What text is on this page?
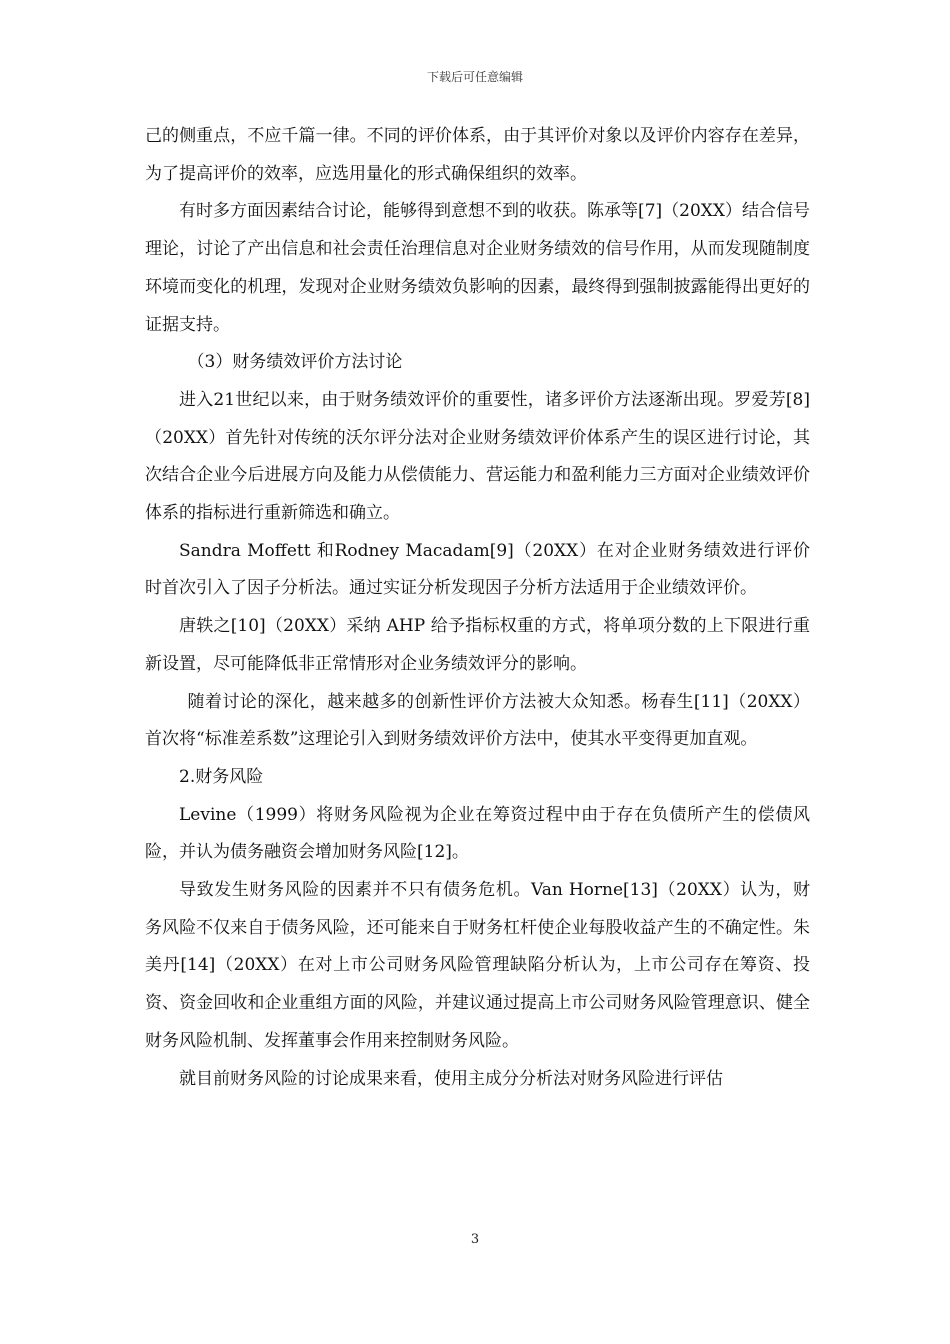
下载后可任意编辑

己的侧重点，不应千篇一律。不同的评价体系，由于其评价对象以及评价内容存在差异，为了提高评价的效率，应选用量化的形式确保组织的效率。

有时多方面因素结合讨论，能够得到意想不到的收获。陈承等[7]（20XX）结合信号理论，讨论了产出信息和社会责任治理信息对企业财务绩效的信号作用，从而发现随制度环境而变化的机理，发现对企业财务绩效负影响的因素，最终得到强制披露能得出更好的证据支持。

（3）财务绩效评价方法讨论

进入21世纪以来，由于财务绩效评价的重要性，诸多评价方法逐渐出现。罗爱芳[8]（20XX）首先针对传统的沃尔评分法对企业财务绩效评价体系产生的误区进行讨论，其次结合企业今后进展方向及能力从偿债能力、营运能力和盈利能力三方面对企业绩效评价体系的指标进行重新筛选和确立。

Sandra Moffett 和Rodney Macadam[9]（20XX）在对企业财务绩效进行评价时首次引入了因子分析法。通过实证分析发现因子分析方法适用于企业绩效评价。

唐轶之[10]（20XX）采纳 AHP 给予指标权重的方式，将单项分数的上下限进行重新设置，尽可能降低非正常情形对企业务绩效评分的影响。

随着讨论的深化，越来越多的创新性评价方法被大众知悉。杨春生[11]（20XX）首次将“标准差系数”这理论引入到财务绩效评价方法中，使其水平变得更加直观。

2.财务风险

Levine（1999）将财务风险视为企业在筹资过程中由于存在负债所产生的偿债风险，并认为债务融资会增加财务风险[12]。

导致发生财务风险的因素并不只有债务危机。Van Horne[13]（20XX）认为，财务风险不仅来自于债务风险，还可能来自于财务杠杆使企业每股收益产生的不确定性。朱美丹[14]（20XX）在对上市公司财务风险管理缺陷分析认为，上市公司存在筹资、投资、资金回收和企业重组方面的风险，并建议通过提高上市公司财务风险管理意识、健全财务风险机制、发挥董事会作用来控制财务风险。

就目前财务风险的讨论成果来看，使用主成分分析法对财务风险进行评估

3
